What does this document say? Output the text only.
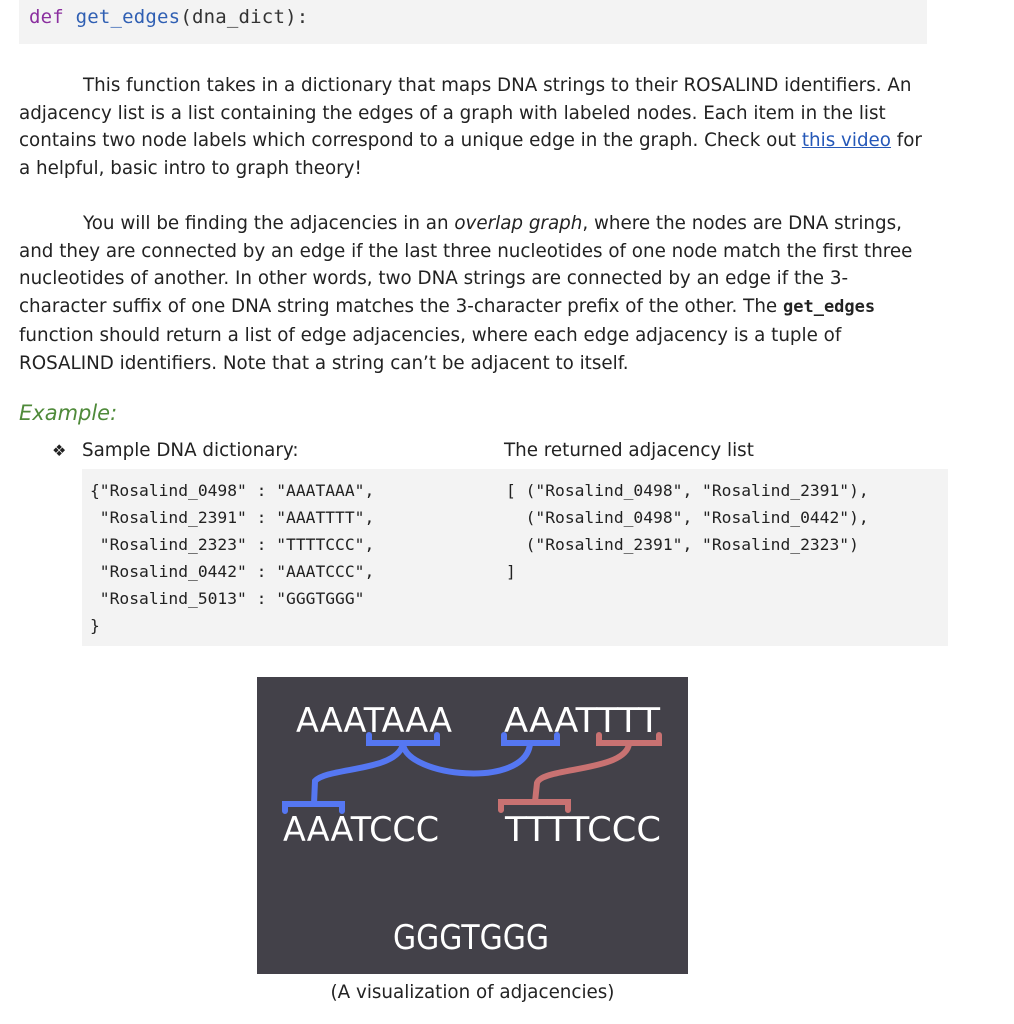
def get_edges(dna_dict):

This function takes in a dictionary that maps DNA strings to their ROSALIND identifiers. An adjacency list is a list containing the edges of a graph with labeled nodes. Each item in the list contains two node labels which correspond to a unique edge in the graph. Check out this video for a helpful, basic intro to graph theory!

You will be finding the adjacencies in an overlap graph, where the nodes are DNA strings, and they are connected by an edge if the last three nucleotides of one node match the first three nucleotides of another. In other words, two DNA strings are connected by an edge if the 3-character suffix of one DNA string matches the 3-character prefix of the other. The get_edges function should return a list of edge adjacencies, where each edge adjacency is a tuple of ROSALIND identifiers. Note that a string can’t be adjacent to itself.

Example:
❖ Sample DNA dictionary:	The returned adjacency list
{"Rosalind_0498" : "AAATAAA",
"Rosalind_2391" : "AAATTTT",
"Rosalind_2323" : "TTTTCCC",
"Rosalind_0442" : "AAATCCC",
"Rosalind_5013" : "GGGTGGG"
}
[ ("Rosalind_0498", "Rosalind_2391"),
("Rosalind_0498", "Rosalind_0442"),
("Rosalind_2391", "Rosalind_2323")
]
AAATAAA AAATTTT
AAATCCC TTTTCCC
GGGTGGG
(A visualization of adjacencies)
